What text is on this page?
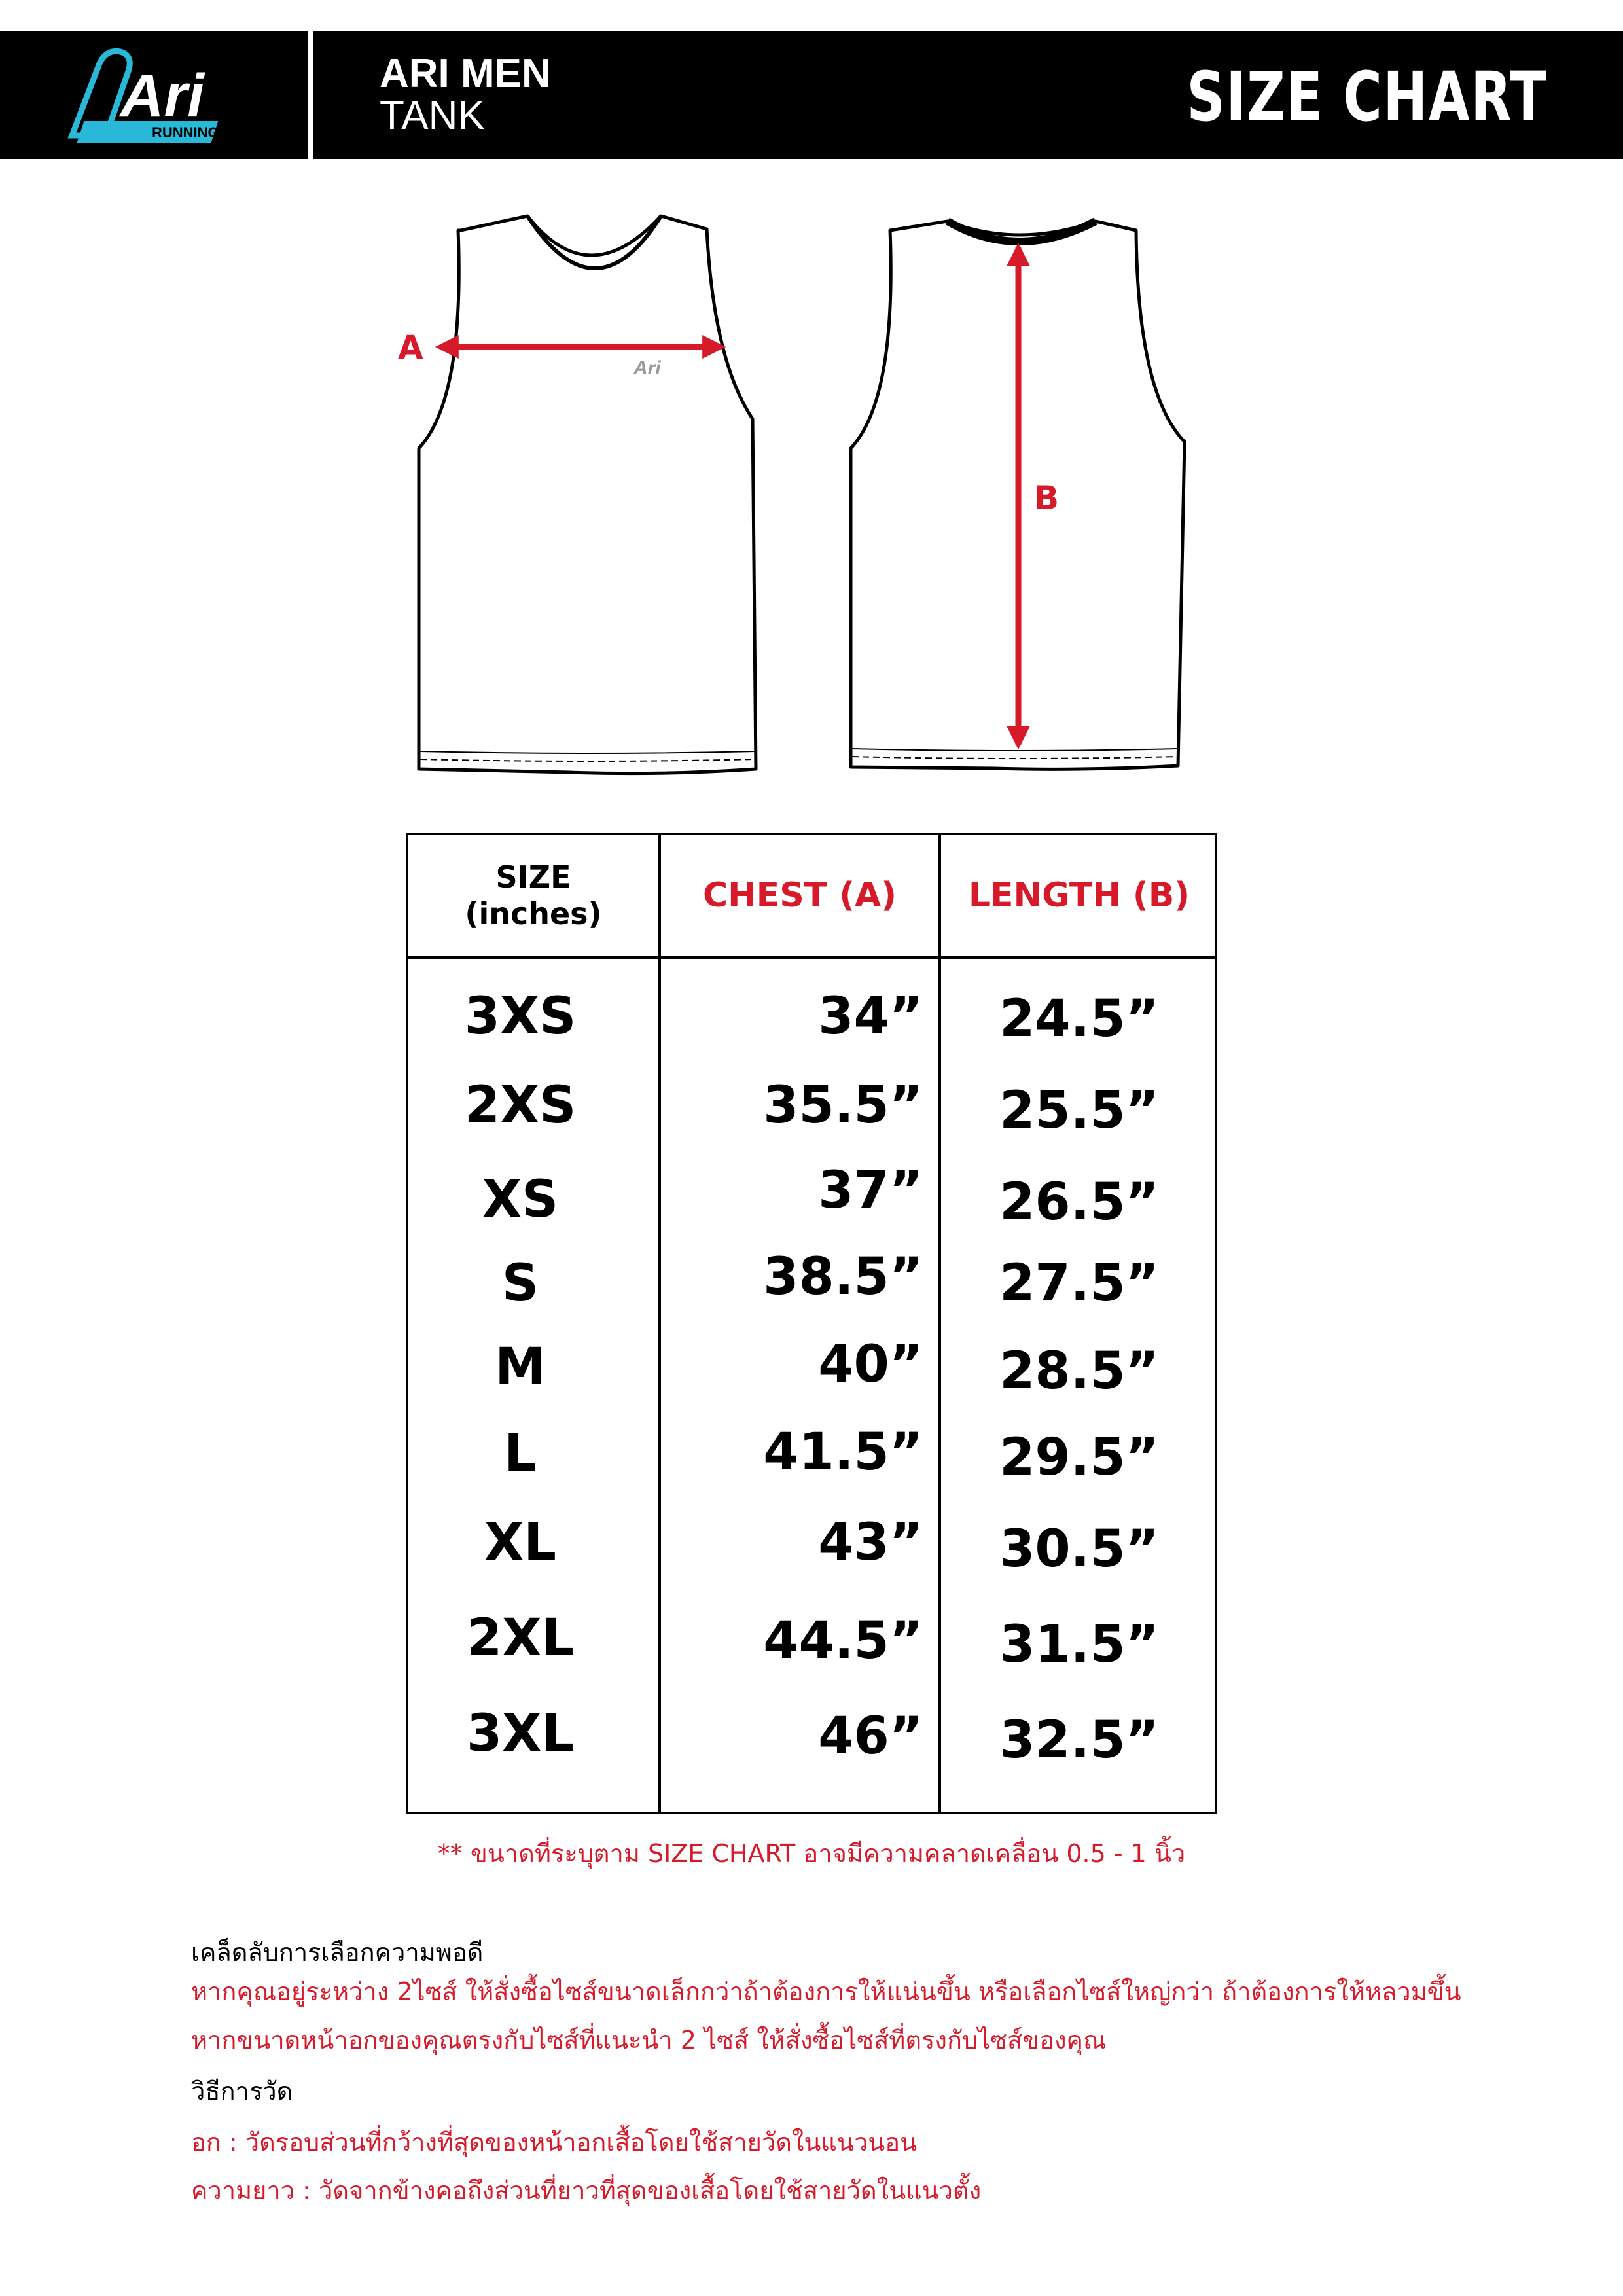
RUNNING
Ari	ARI MEN
TANK	SIZE CHART
Ari
A
B
SIZE
(inches)	CHEST (A)	LENGTH (B)
3XS	34”	24.5”
2XS	35.5”	25.5”
XS	37”	26.5”
S	38.5”	27.5”
M	40”	28.5”
L	41.5”	29.5”
XL	43”	30.5”
2XL	44.5”	31.5”
3XL	46”	32.5”
** ขนาดที่ระบุตาม SIZE CHART อาจมีความคลาดเคลื่อน 0.5 - 1 นิ้ว
เคล็ดลับการเลือกความพอดี
หากคุณอยู่ระหว่าง 2ไซส์ ให้สั่งซื้อไซส์ขนาดเล็กกว่าถ้าต้องการให้แน่นขึ้น หรือเลือกไซส์ใหญ่กว่า ถ้าต้องการให้หลวมขึ้น
หากขนาดหน้าอกของคุณตรงกับไซส์ที่แนะนำ 2 ไซส์ ให้สั่งซื้อไซส์ที่ตรงกับไซส์ของคุณ
วิธีการวัด
อก : วัดรอบส่วนที่กว้างที่สุดของหน้าอกเสื้อโดยใช้สายวัดในแนวนอน
ความยาว : วัดจากข้างคอถึงส่วนที่ยาวที่สุดของเสื้อโดยใช้สายวัดในแนวตั้ง
